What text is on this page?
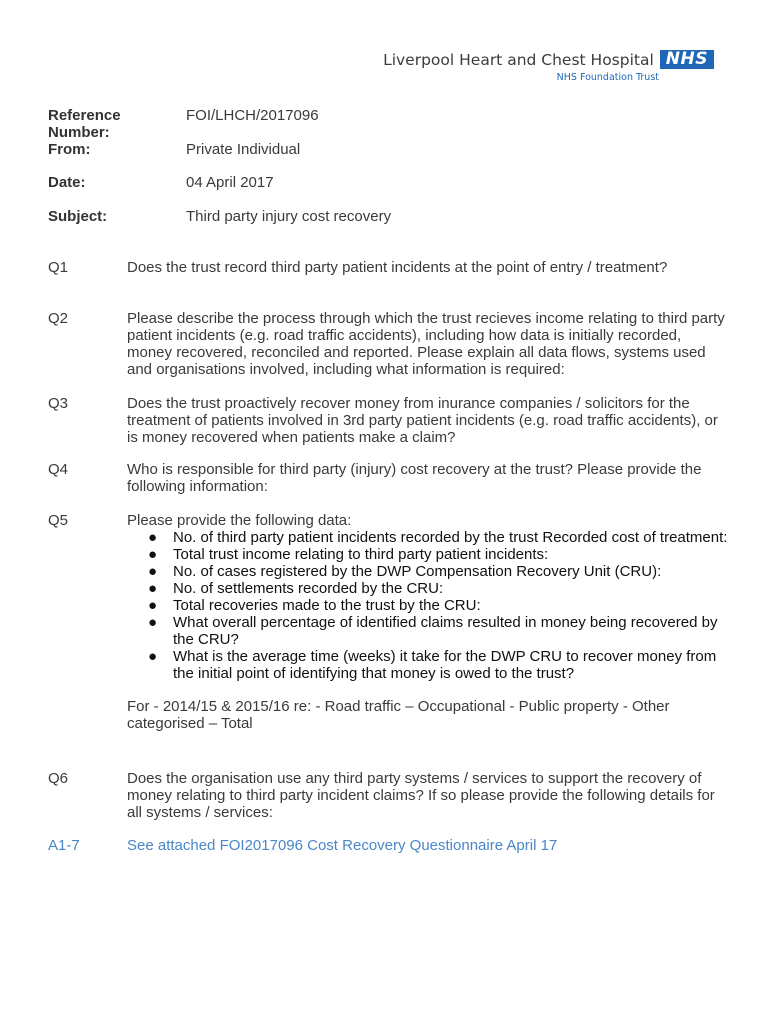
Liverpool Heart and Chest Hospital NHS
NHS Foundation Trust
Reference Number:
FOI/LHCH/2017096
From:	Private Individual
Date:	04 April 2017
Subject:	Third party injury cost recovery
Q1	Does the trust record third party patient incidents at the point of entry / treatment?
Q2	Please describe the process through which the trust recieves income relating to third party patient incidents (e.g. road traffic accidents), including how data is initially recorded, money recovered, reconciled and reported. Please explain all data flows, systems used and organisations involved, including what information is required:
Q3	Does the trust proactively recover money from inurance companies / solicitors for the treatment of patients involved in 3rd party patient incidents (e.g. road traffic accidents), or is money recovered when patients make a claim?
Q4	Who is responsible for third party (injury) cost recovery at the trust? Please provide the following information:
Q5	Please provide the following data:
● No. of third party patient incidents recorded by the trust Recorded cost of treatment:
● Total trust income relating to third party patient incidents:
● No. of cases registered by the DWP Compensation Recovery Unit (CRU):
● No. of settlements recorded by the CRU:
● Total recoveries made to the trust by the CRU:
● What overall percentage of identified claims resulted in money being recovered by the CRU?
● What is the average time (weeks) it take for the DWP CRU to recover money from the initial point of identifying that money is owed to the trust?
For - 2014/15 & 2015/16 re: - Road traffic – Occupational - Public property - Other categorised – Total
Q6	Does the organisation use any third party systems / services to support the recovery of money relating to third party incident claims? If so please provide the following details for all systems / services:
A1-7	See attached FOI2017096 Cost Recovery Questionnaire April 17
